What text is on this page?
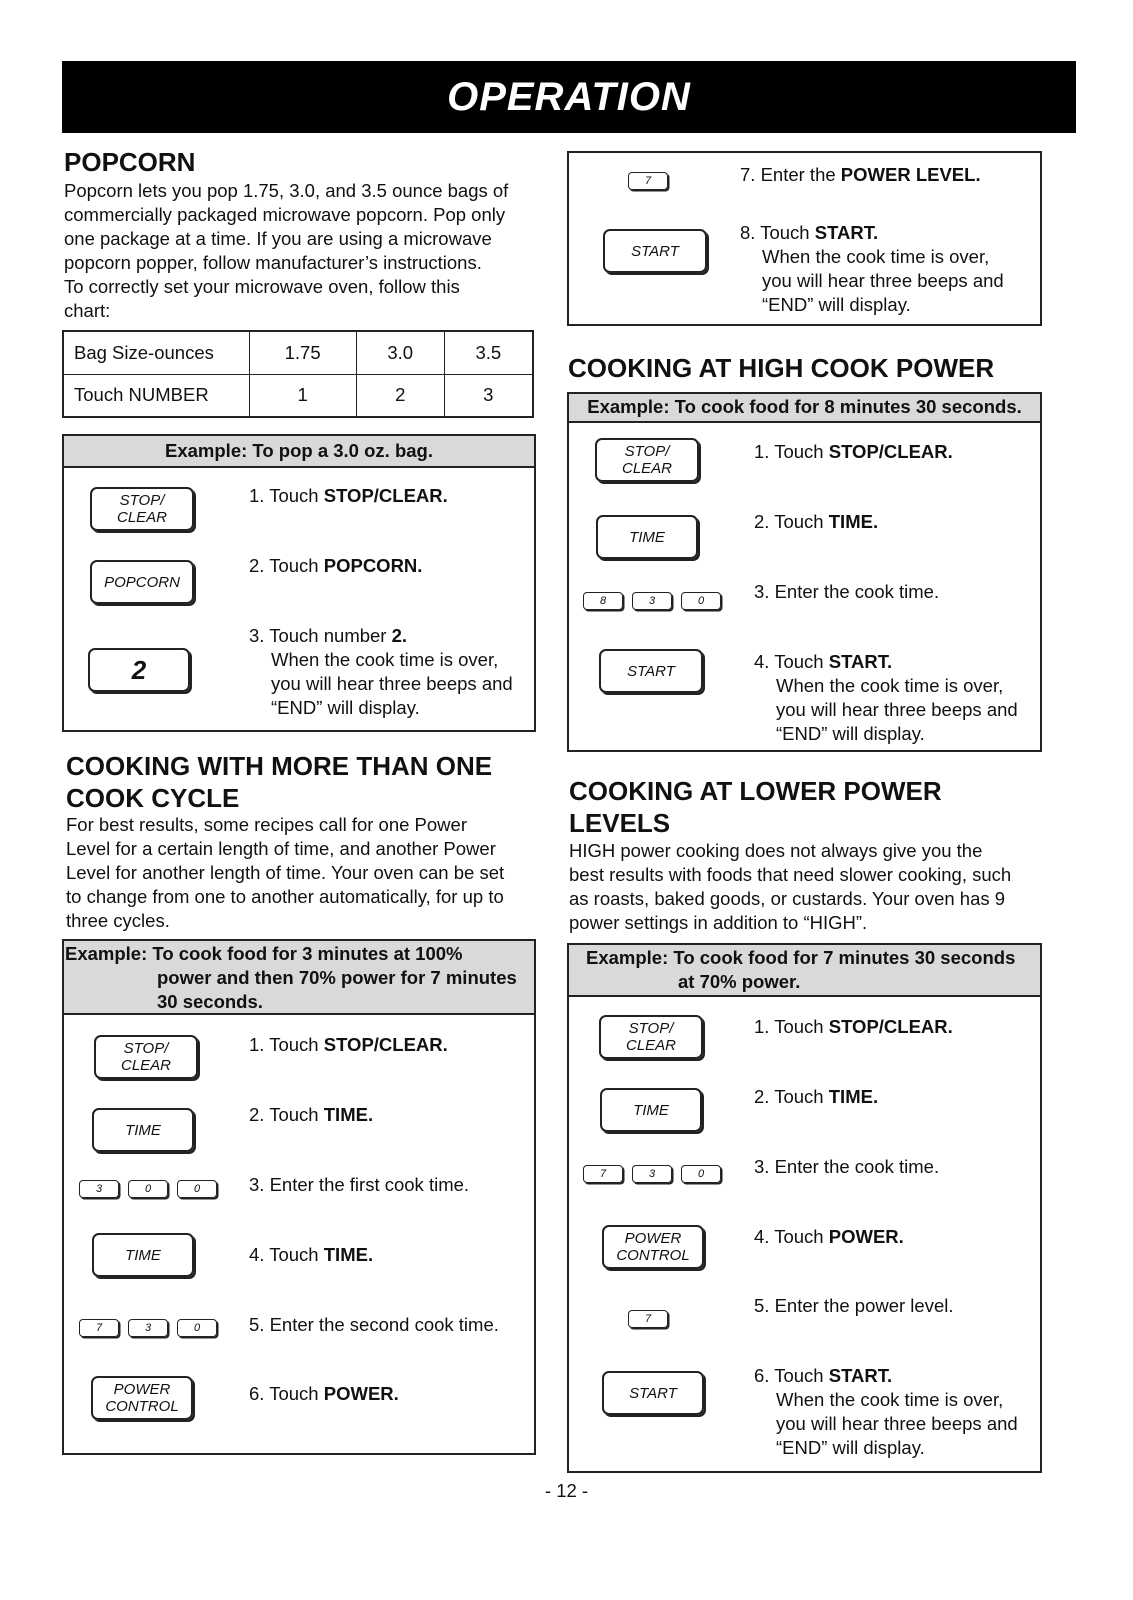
OPERATION
POPCORN
Popcorn lets you pop 1.75, 3.0, and 3.5 ounce bags of
commercially packaged microwave popcorn. Pop only
one package at a time. If you are using a microwave
popcorn popper, follow manufacturer’s instructions.
To correctly set your microwave oven, follow this
chart:
Bag Size-ounces	1.75	3.0	3.5
Touch NUMBER	1	2	3
Example: To pop a 3.0 oz. bag.
STOP/
CLEAR
POPCORN
2
1. Touch STOP/CLEAR.
2. Touch POPCORN.
3. Touch number 2.
When the cook time is over,
you will hear three beeps and
“END” will display.
COOKING WITH MORE THAN ONE
COOK CYCLE
For best results, some recipes call for one Power
Level for a certain length of time, and another Power
Level for another length of time. Your oven can be set
to change from one to another automatically, for up to
three cycles.
Example: To cook food for 3 minutes at 100%
power and then 70% power for 7 minutes
30 seconds.
STOP/
CLEAR
TIME
3	0	0
TIME
7	3	0
POWER
CONTROL
1. Touch STOP/CLEAR.
2. Touch TIME.
3. Enter the first cook time.
4. Touch TIME.
5. Enter the second cook time.
6. Touch POWER.
7
START
7. Enter the POWER LEVEL.
8. Touch START.
When the cook time is over,
you will hear three beeps and
“END” will display.
COOKING AT HIGH COOK POWER
Example: To cook food for 8 minutes 30 seconds.
STOP/
CLEAR
TIME
8	3	0
START
1. Touch STOP/CLEAR.
2. Touch TIME.
3. Enter the cook time.
4. Touch START.
When the cook time is over,
you will hear three beeps and
“END” will display.
COOKING AT LOWER POWER
LEVELS
HIGH power cooking does not always give you the
best results with foods that need slower cooking, such
as roasts, baked goods, or custards. Your oven has 9
power settings in addition to “HIGH”.
Example: To cook food for 7 minutes 30 seconds
at 70% power.
STOP/
CLEAR
TIME
7	3	0
POWER
CONTROL
7
START
1. Touch STOP/CLEAR.
2. Touch TIME.
3. Enter the cook time.
4. Touch POWER.
5. Enter the power level.
6. Touch START.
When the cook time is over,
you will hear three beeps and
“END” will display.
- 12 -
